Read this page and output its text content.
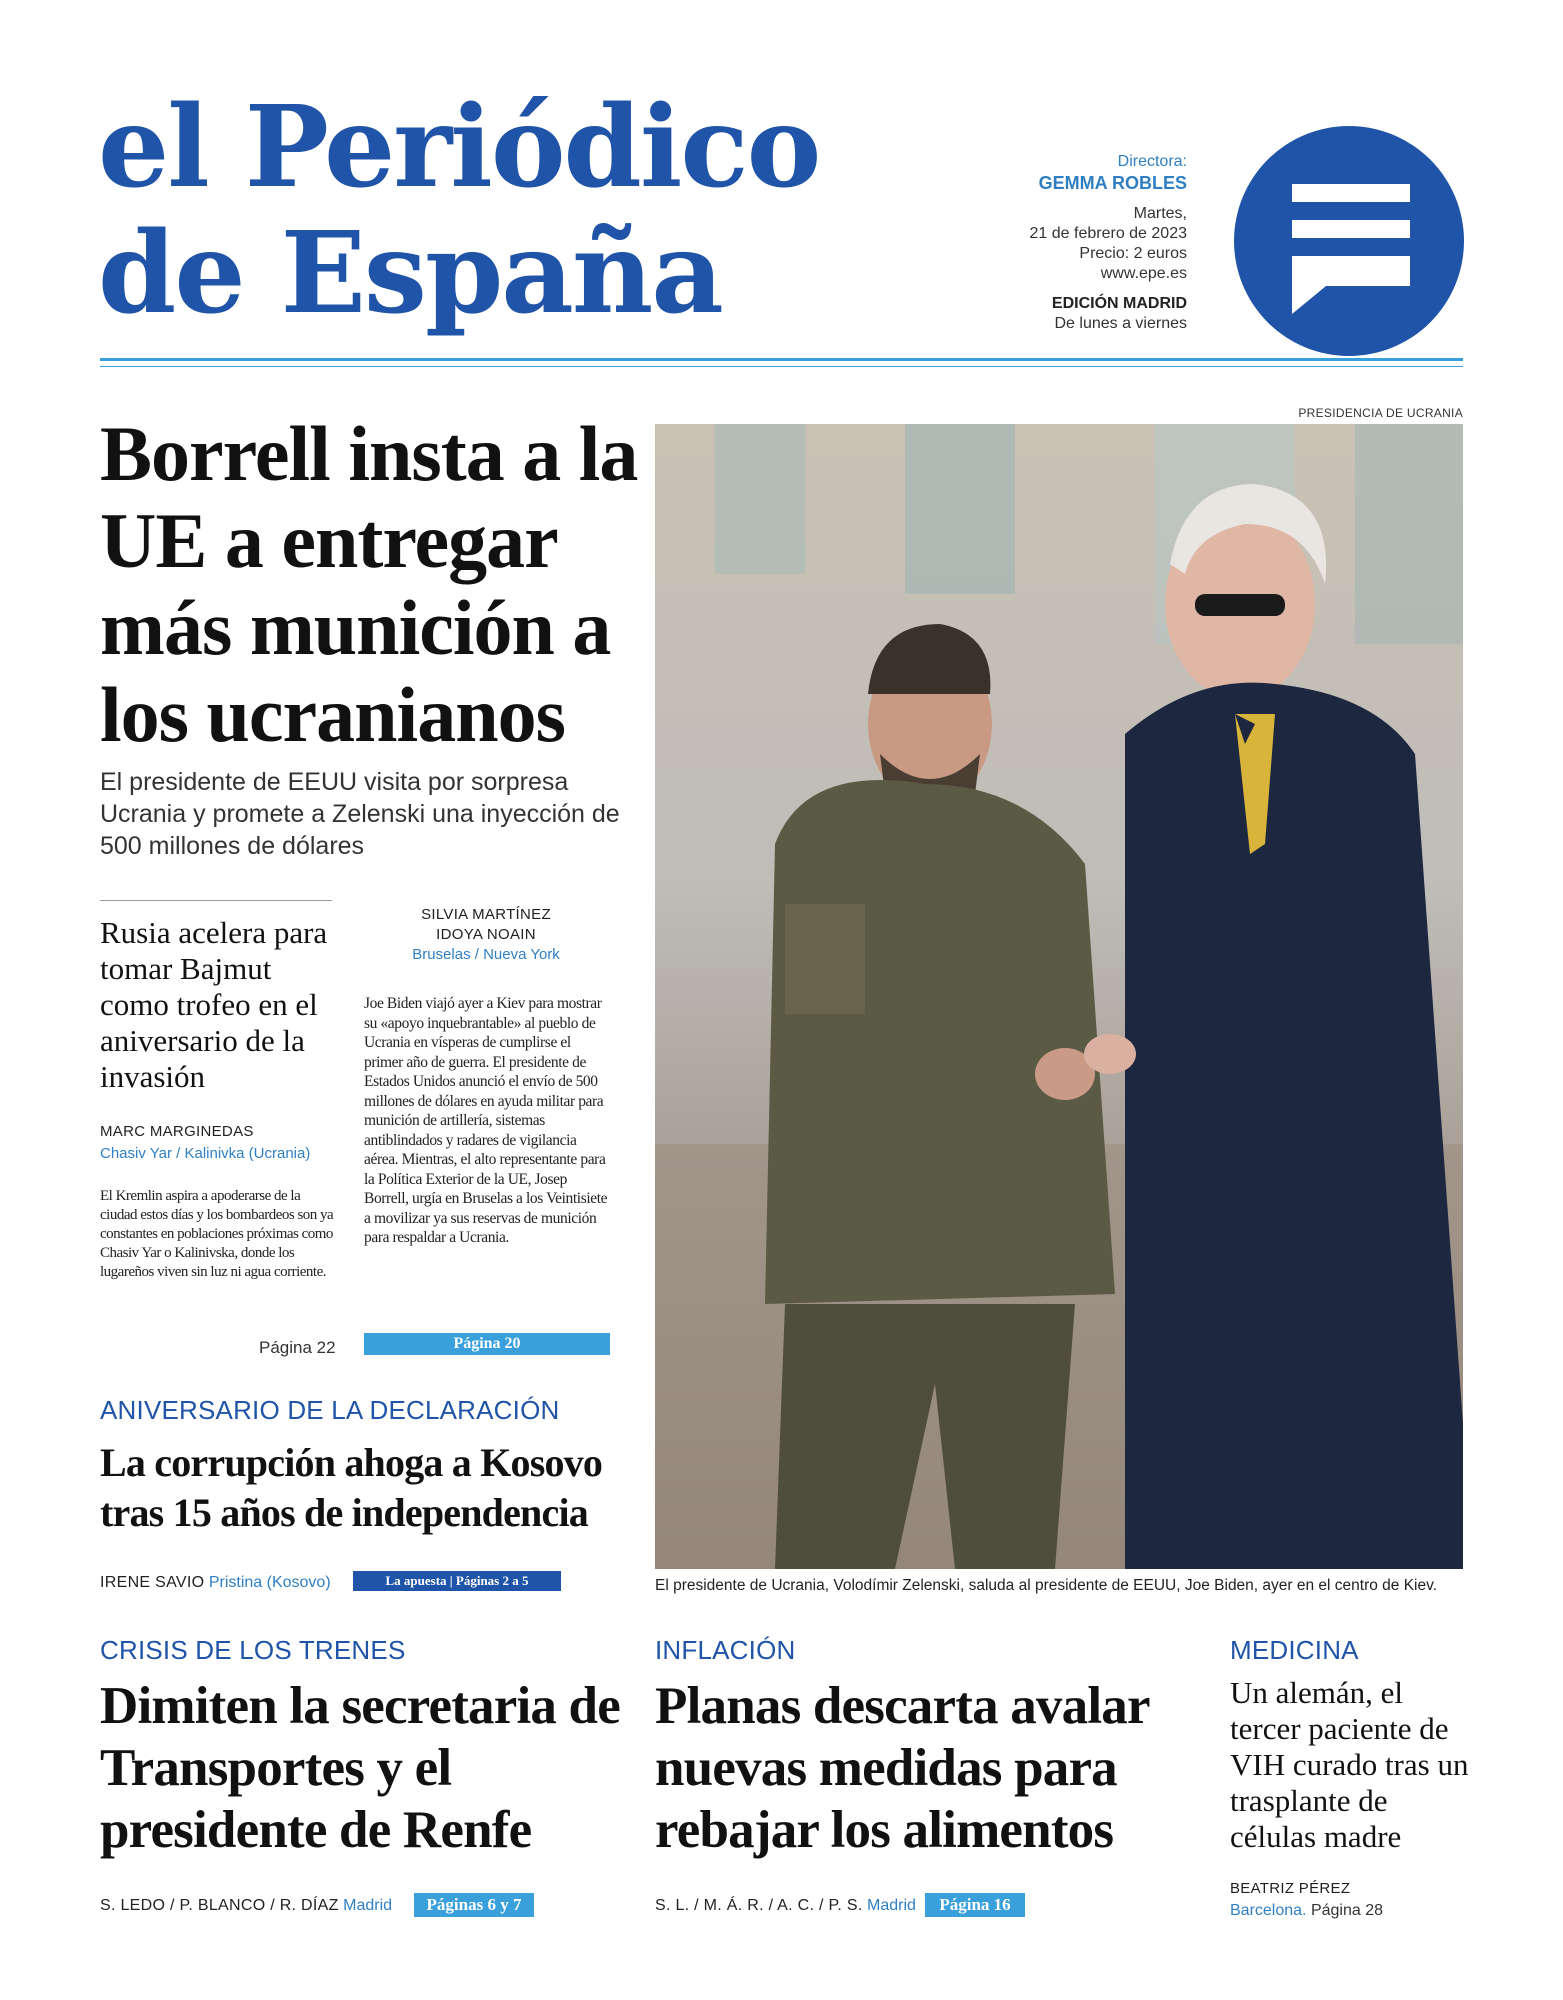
el Periódico
de España
Directora:
GEMMA ROBLES
Martes,
21 de febrero de 2023
Precio: 2 euros
www.epe.es
EDICIÓN MADRID
De lunes a viernes
Borrell insta a la UE a entregar más munición a los ucranianos
El presidente de EEUU visita por sorpresa Ucrania y promete a Zelenski una inyección de 500 millones de dólares
Rusia acelera para tomar Bajmut como trofeo en el aniversario de la invasión
MARC MARGINEDAS
Chasiv Yar / Kalinivka (Ucrania)
El Kremlin aspira a apoderarse de la ciudad estos días y los bombardeos son ya constantes en poblaciones próximas como Chasiv Yar o Kalinivska, donde los lugareños viven sin luz ni agua corriente.
Página 22
SILVIA MARTÍNEZ
IDOYA NOAIN
Bruselas / Nueva York
Joe Biden viajó ayer a Kiev para mostrar su «apoyo inquebrantable» al pueblo de Ucrania en vísperas de cumplirse el primer año de guerra. El presidente de Estados Unidos anunció el envío de 500 millones de dólares en ayuda militar para munición de artillería, sistemas antiblindados y radares de vigilancia aérea. Mientras, el alto representante para la Política Exterior de la UE, Josep Borrell, urgía en Bruselas a los Veintisiete a movilizar ya sus reservas de munición para respaldar a Ucrania.
Página 20
ANIVERSARIO DE LA DECLARACIÓN
La corrupción ahoga a Kosovo tras 15 años de independencia
IRENE SAVIO Pristina (Kosovo)	La apuesta | Páginas 2 a 5
PRESIDENCIA DE UCRANIA
El presidente de Ucrania, Volodímir Zelenski, saluda al presidente de EEUU, Joe Biden, ayer en el centro de Kiev.
CRISIS DE LOS TRENES
Dimiten la secretaria de Transportes y el presidente de Renfe
S. LEDO / P. BLANCO / R. DÍAZ Madrid	Páginas 6 y 7
INFLACIÓN
Planas descarta avalar nuevas medidas para rebajar los alimentos
S. L. / M. Á. R. / A. C. / P. S. Madrid	Página 16
MEDICINA
Un alemán, el tercer paciente de VIH curado tras un trasplante de células madre
BEATRIZ PÉREZ
Barcelona. Página 28
